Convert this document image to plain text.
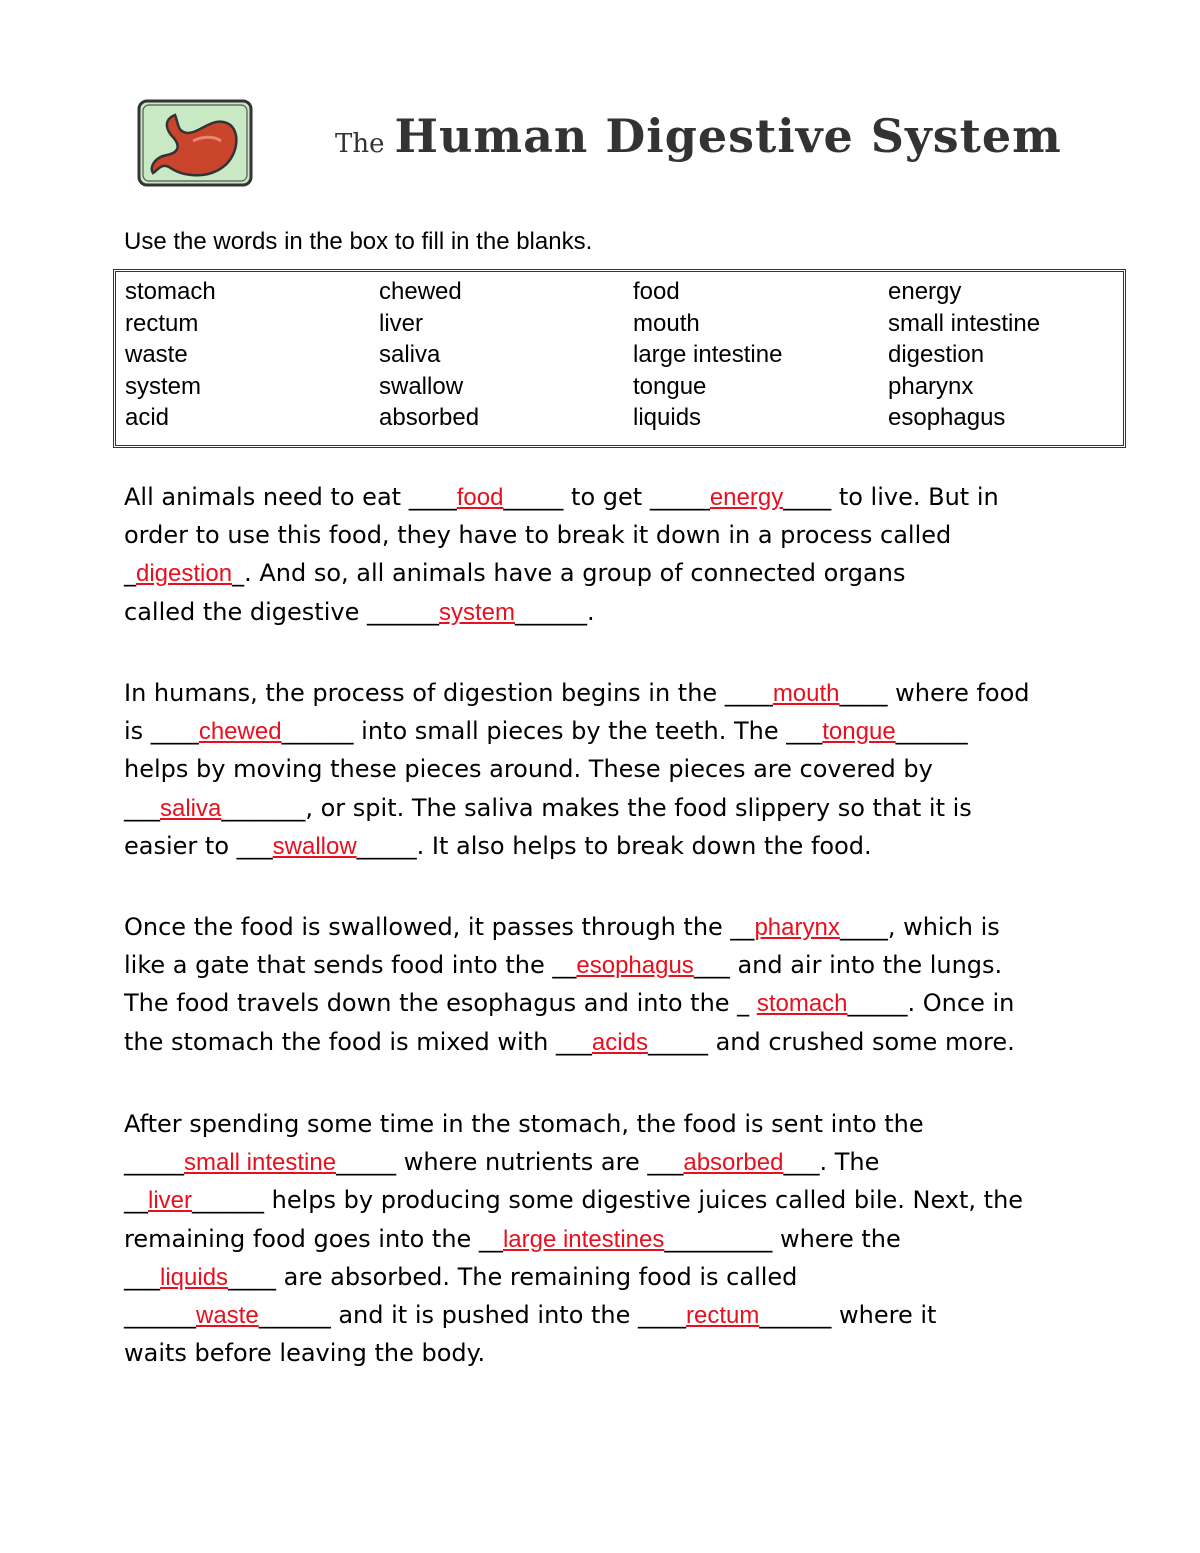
The Human Digestive System
Use the words in the box to fill in the blanks.
stomach
rectum
waste
system
acid
chewed
liver
saliva
swallow
absorbed
food
mouth
large intestine
tongue
liquids
energy
small intestine
digestion
pharynx
esophagus
All animals need to eat ____food_____ to get _____energy____ to live. But in
order to use this food, they have to break it down in a process called
_digestion_. And so, all animals have a group of connected organs
called the digestive ______system______.
In humans, the process of digestion begins in the ____mouth____ where food
is ____chewed______ into small pieces by the teeth. The ___tongue______
helps by moving these pieces around. These pieces are covered by
___saliva_______, or spit. The saliva makes the food slippery so that it is
easier to ___swallow_____. It also helps to break down the food.
Once the food is swallowed, it passes through the __pharynx____, which is
like a gate that sends food into the __esophagus___ and air into the lungs.
The food travels down the esophagus and into the _ stomach_____. Once in
the stomach the food is mixed with ___acids_____ and crushed some more.
After spending some time in the stomach, the food is sent into the
_____small intestine_____ where nutrients are ___absorbed___. The
__liver______ helps by producing some digestive juices called bile. Next, the
remaining food goes into the __large intestines_________ where the
___liquids____ are absorbed. The remaining food is called
______waste______ and it is pushed into the ____rectum______ where it
waits before leaving the body.
